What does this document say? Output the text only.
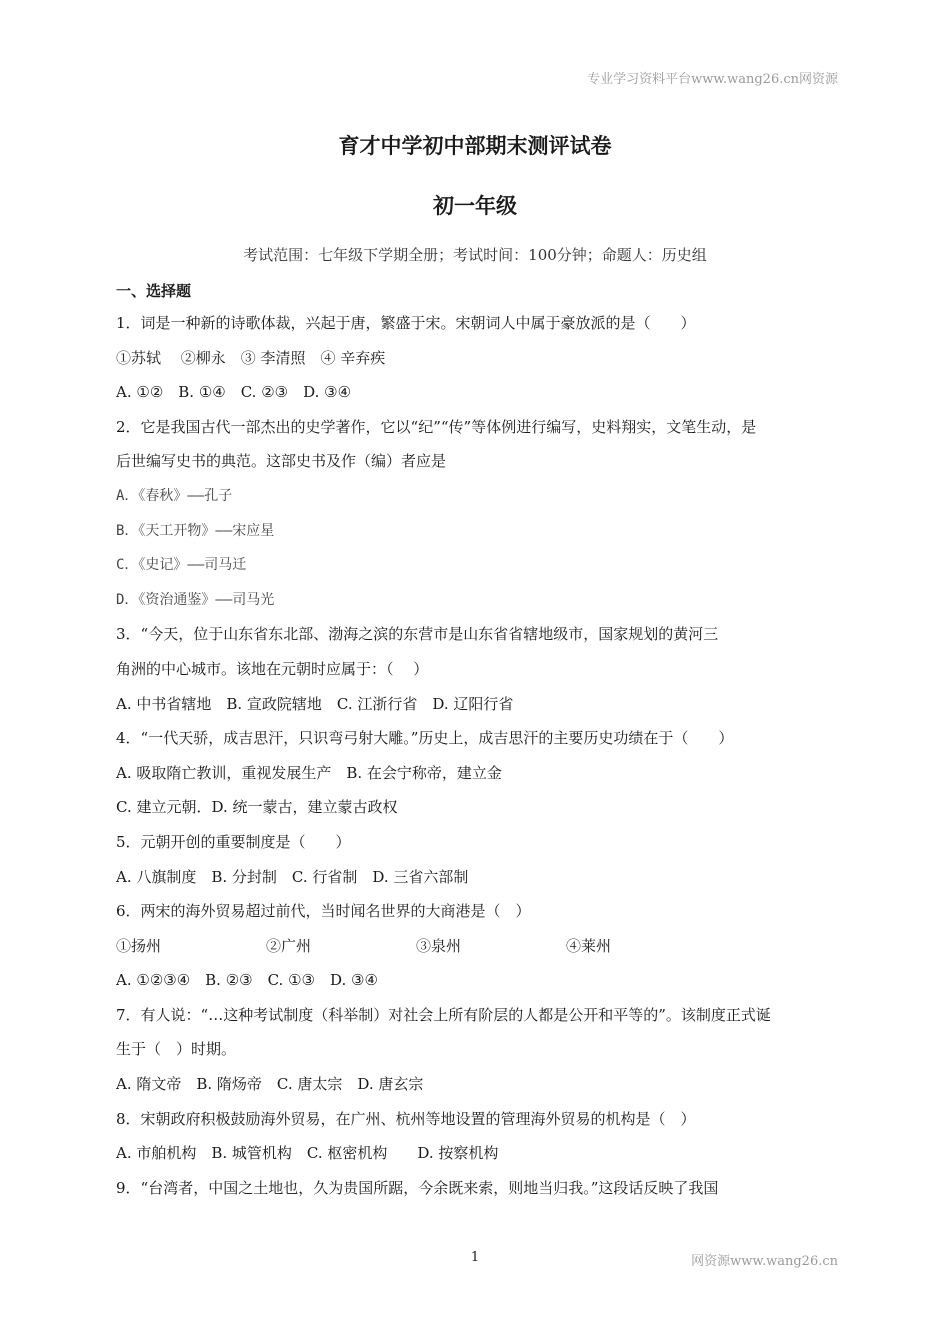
专业学习资料平台www.wang26.cn网资源
育才中学初中部期末测评试卷
初一年级
考试范围：七年级下学期全册；考试时间：100分钟；命题人：历史组
一、选择题
1．词是一种新的诗歌体裁，兴起于唐，繁盛于宋。宋朝词人中属于豪放派的是（　　）
①苏轼　 ②柳永　③ 李清照　④ 辛弃疾
A. ①②　B. ①④　C. ②③　D. ③④
2．它是我国古代一部杰出的史学著作，它以“纪”“传”等体例进行编写，史料翔实，文笔生动，是
后世编写史书的典范。这部史书及作（编）者应是
A．《春秋》——孔子
B．《天工开物》——宋应星
C．《史记》——司马迁
D．《资治通鉴》——司马光
3．“今天，位于山东省东北部、渤海之滨的东营市是山东省省辖地级市，国家规划的黄河三
角洲的中心城市。该地在元朝时应属于：（　 ）
A. 中书省辖地　B. 宣政院辖地　C. 江浙行省　D. 辽阳行省
4．“一代天骄，成吉思汗，只识弯弓射大雕。”历史上，成吉思汗的主要历史功绩在于（　　）
A. 吸取隋亡教训，重视发展生产　B. 在会宁称帝，建立金
C. 建立元朝．D. 统一蒙古，建立蒙古政权
5．元朝开创的重要制度是（　　）
A. 八旗制度　B. 分封制　C. 行省制　D. 三省六部制
6．两宋的海外贸易超过前代，当时闻名世界的大商港是（　）
①扬州　　　　　　　②广州　　　　　　　③泉州　　　　　　　④莱州
A. ①②③④　B. ②③　C. ①③　D. ③④
7．有人说：“…这种考试制度（科举制）对社会上所有阶层的人都是公开和平等的”。该制度正式诞
生于（　）时期。
A. 隋文帝　B. 隋炀帝　C. 唐太宗　D. 唐玄宗
8．宋朝政府积极鼓励海外贸易，在广州、杭州等地设置的管理海外贸易的机构是（　）
A. 市舶机构　B. 城管机构　C. 枢密机构　　D. 按察机构
9．“台湾者，中国之土地也，久为贵国所踞，今余既来索，则地当归我。”这段话反映了我国
1	网资源www.wang26.cn
